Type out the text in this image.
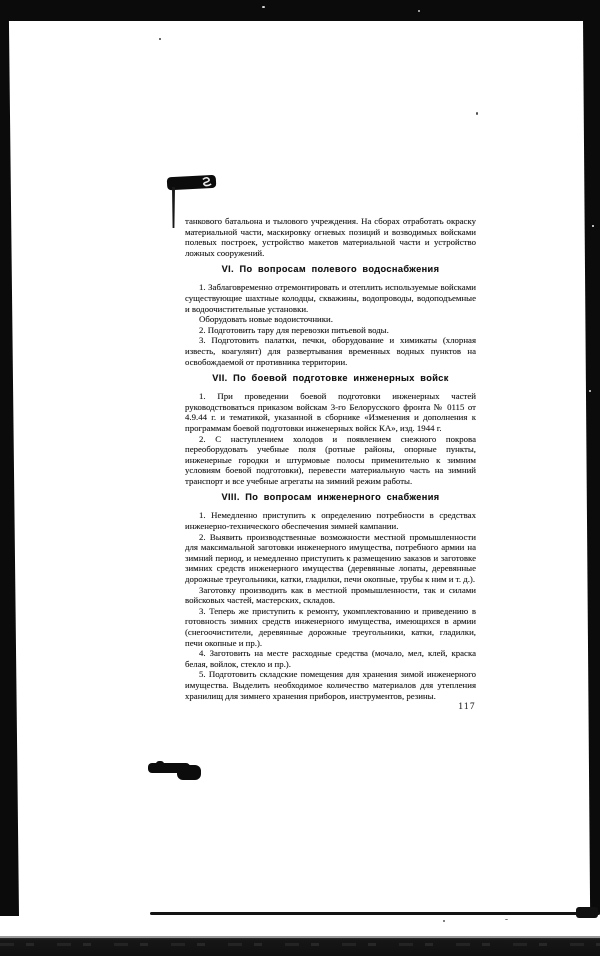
танкового батальона и тылового учреждения. На сборах отработать окраску материальной части, маскировку огневых позиций и возводимых войсками полевых построек, устройство макетов материальной части и устройство ложных сооружений.

VI. По вопросам полевого водоснабжения

1. Заблаговременно отремонтировать и отеплить используемые войсками существующие шахтные колодцы, скважины, водопроводы, водоподъемные и водоочистительные установки.

Оборудовать новые водоисточники.

2. Подготовить тару для перевозки питьевой воды.

3. Подготовить палатки, печки, оборудование и химикаты (хлорная известь, коагулянт) для развертывания временных водных пунктов на освобождаемой от противника территории.

VII. По боевой подготовке инженерных войск

1. При проведении боевой подготовки инженерных частей руководствоваться приказом войскам 3-го Белорусского фронта № 0115 от 4.9.44 г. и тематикой, указанной в сборнике «Изменения и дополнения к программам боевой подготовки инженерных войск КА», изд. 1944 г.

2. С наступлением холодов и появлением снежного покрова переоборудовать учебные поля (ротные районы, опорные пункты, инженерные городки и штурмовые полосы применительно к зимним условиям боевой подготовки), перевести материальную часть на зимний транспорт и все учебные агрегаты на зимний режим работы.

VIII. По вопросам инженерного снабжения

1. Немедленно приступить к определению потребности в средствах инженерно-технического обеспечения зимней кампании.

2. Выявить производственные возможности местной промышленности для максимальной заготовки инженерного имущества, потребного армии на зимний период, и немедленно приступить к размещению заказов и заготовке зимних средств инженерного имущества (деревянные лопаты, деревянные дорожные треугольники, катки, гладилки, печи окопные, трубы к ним и т. д.).

Заготовку производить как в местной промышленности, так и силами войсковых частей, мастерских, складов.

3. Теперь же приступить к ремонту, укомплектованию и приведению в готовность зимних средств инженерного имущества, имеющихся в армии (снегоочистители, деревянные дорожные треугольники, катки, гладилки, печи окопные и пр.).

4. Заготовить на месте расходные средства (мочало, мел, клей, краска белая, войлок, стекло и пр.).

5. Подготовить складские помещения для хранения зимой инженерного имущества. Выделить необходимое количество материалов для утепления хранилищ для зимнего хранения приборов, инструментов, резины.

117
